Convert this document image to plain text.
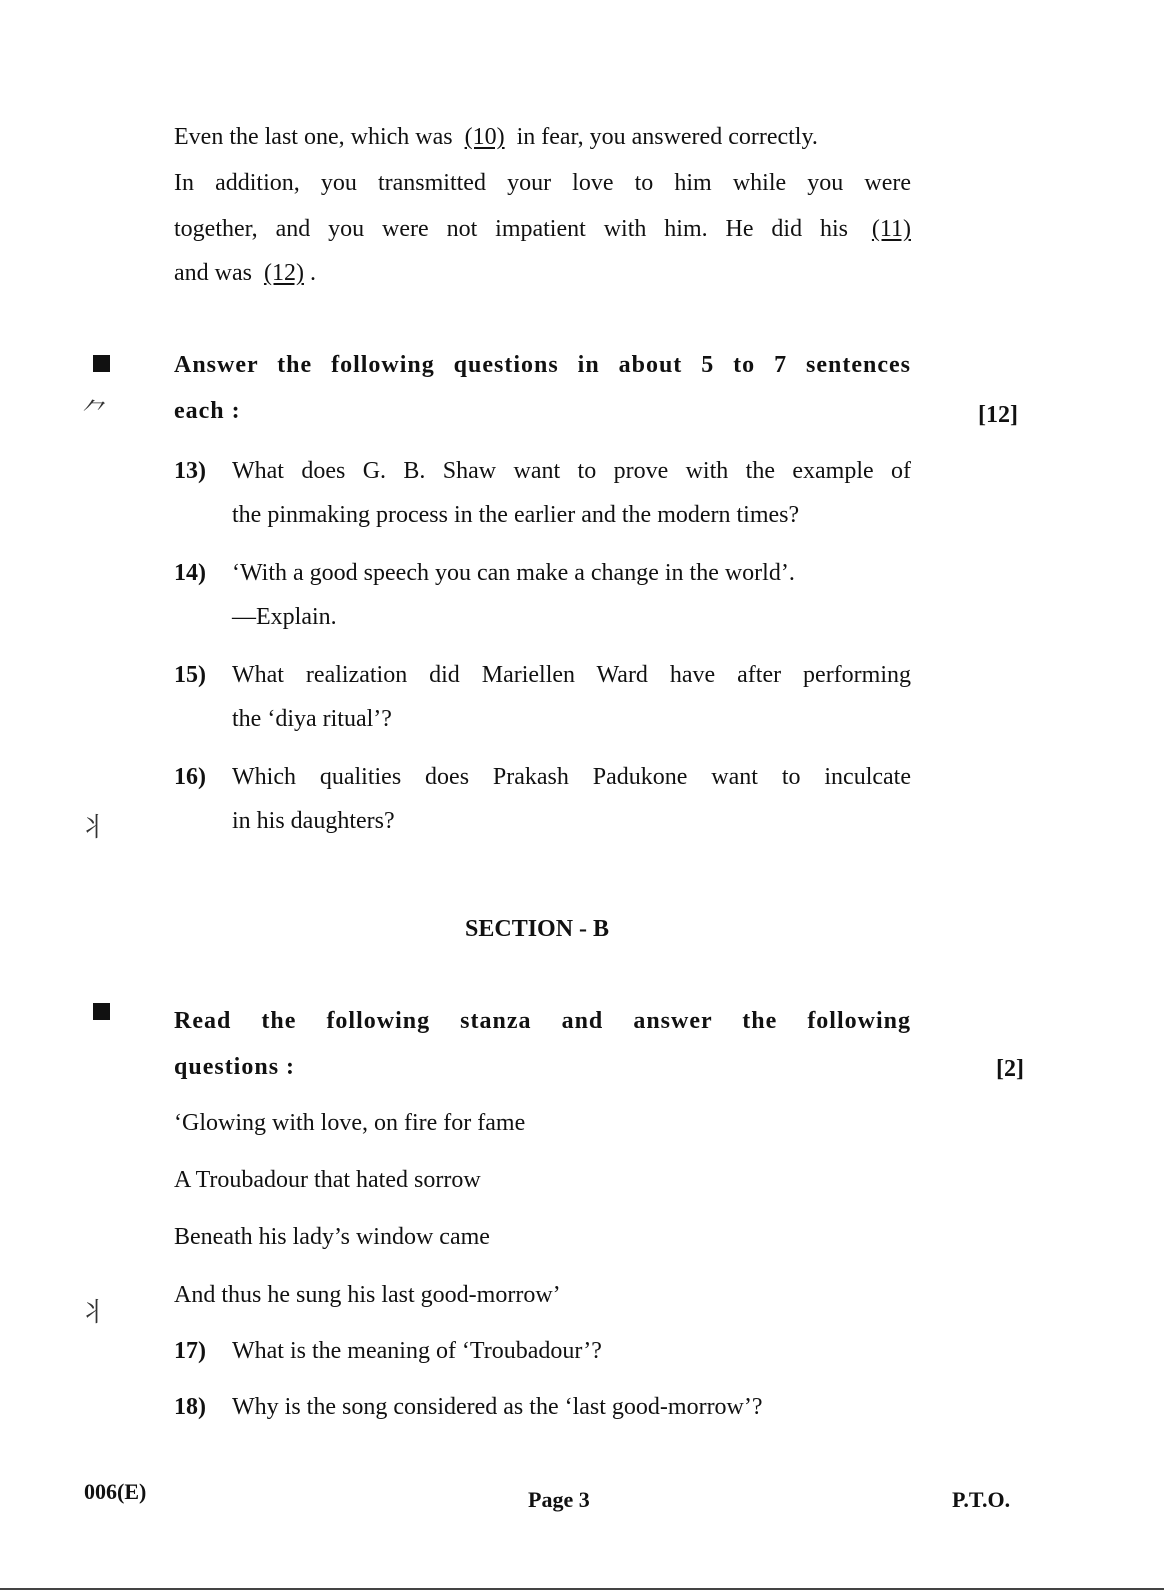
Even the last one, which was (10) in fear, you answered correctly.
In addition, you transmitted your love to him while you were
together, and you were not impatient with him. He did his (11)
and was (12) .
Answer the following questions in about 5 to 7 sentences
each :	[12]
13) What does G. B. Shaw want to prove with the example of
the pinmaking process in the earlier and the modern times?
14) ‘With a good speech you can make a change in the world’.
—Explain.
15) What realization did Mariellen Ward have after performing
the ‘diya ritual’?
16) Which qualities does Prakash Padukone want to inculcate
in his daughters?
SECTION - B
Read the following stanza and answer the following
questions :	[2]
‘Glowing with love, on fire for fame
A Troubadour that hated sorrow
Beneath his lady’s window came
And thus he sung his last good-morrow’
17) What is the meaning of ‘Troubadour’?
18) Why is the song considered as the ‘last good-morrow’?
006(E)	Page 3	P.T.O.
⺈
⺦
⺦
